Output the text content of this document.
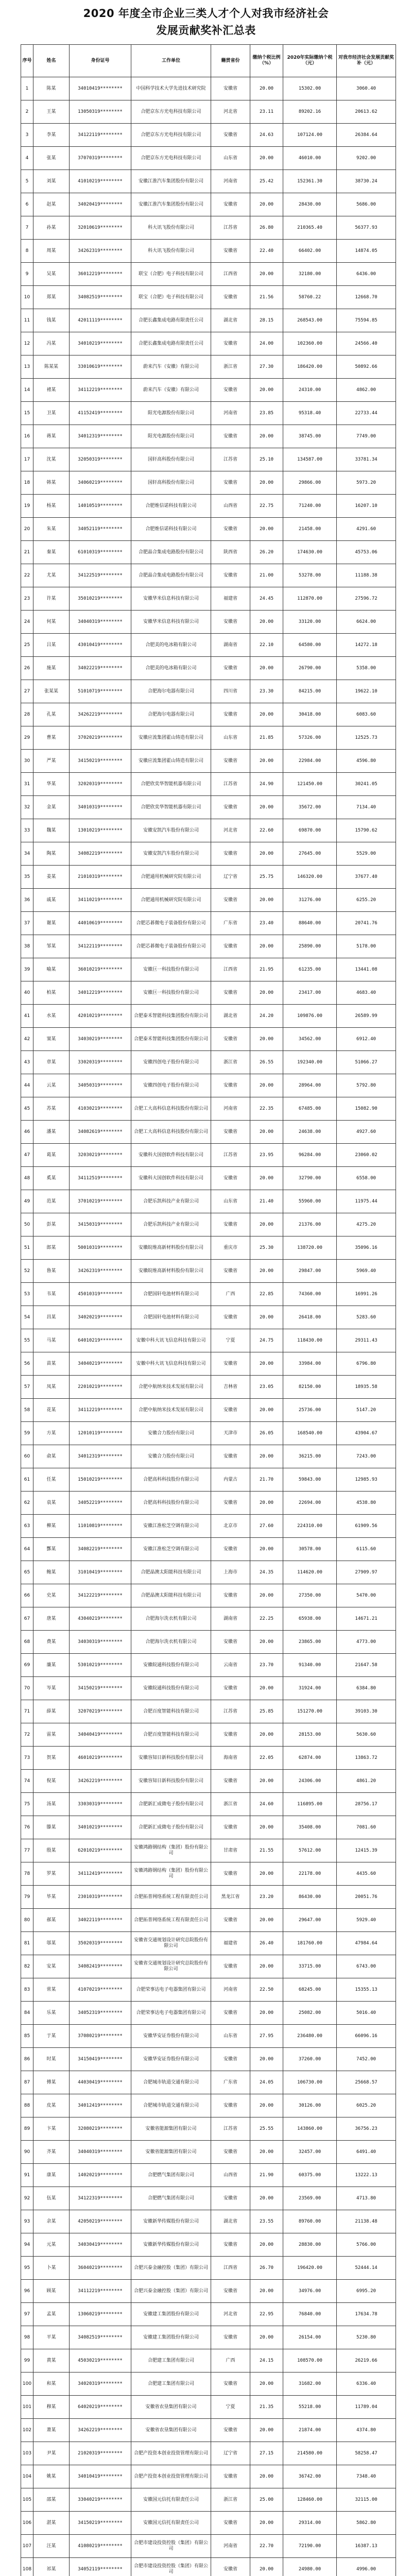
2020 年度全市企业三类人才个人对我市经济社会
发展贡献奖补汇总表
序号	姓名	身份证号	工作单位	籍贯省份	缴纳个税比例（%）	2020年实际缴纳个税（元）	对我市经济社会发展贡献奖补（元）
1	陈某	34010419********	中国科学技术大学先进技术研究院	安徽省	20.00	15302.00	3060.40
2	王某	13050319********	合肥京东方光电科技有限公司	河北省	23.11	89202.16	20613.62
3	李某	34122119********	合肥京东方光电科技有限公司	安徽省	24.63	107124.00	26384.64
4	张某	37070319********	合肥京东方光电科技有限公司	山东省	20.00	46010.00	9202.00
5	刘某	41010219********	安徽江淮汽车集团股份有限公司	河南省	25.42	152361.30	38730.24
6	赵某	34020419********	安徽江淮汽车集团股份有限公司	安徽省	20.00	28430.00	5686.00
7	孙某	32010619********	科大讯飞股份有限公司	江苏省	26.80	210365.40	56377.93
8	周某	34262319********	科大讯飞股份有限公司	安徽省	22.40	66402.00	14874.05
9	吴某	36012219********	联宝（合肥）电子科技有限公司	江西省	20.00	32180.00	6436.00
10	郑某	34082519********	联宝（合肥）电子科技有限公司	安徽省	21.56	58760.22	12668.70
11	钱某	42011119********	合肥长鑫集成电路有限责任公司	湖北省	28.15	268543.00	75594.85
12	冯某	34010219********	合肥长鑫集成电路有限责任公司	安徽省	24.00	102360.00	24566.40
13	陈某某	33010619********	蔚来汽车（安徽）有限公司	浙江省	27.30	186420.00	50892.66
14	褚某	34112219********	蔚来汽车（安徽）有限公司	安徽省	20.00	24310.00	4862.00
15	卫某	41152419********	阳光电源股份有限公司	河南省	23.85	95318.40	22733.44
16	蒋某	34012319********	阳光电源股份有限公司	安徽省	20.00	38745.00	7749.00
17	沈某	32050319********	国轩高科股份有限公司	江苏省	25.10	134587.00	33781.34
18	韩某	34060219********	国轩高科股份有限公司	安徽省	20.00	29866.00	5973.20
19	杨某	14010519********	合肥维信诺科技有限公司	山西省	22.75	71240.00	16207.10
20	朱某	34052119********	合肥维信诺科技有限公司	安徽省	20.00	21458.00	4291.60
21	秦某	61010319********	合肥晶合集成电路股份有限公司	陕西省	26.20	174630.00	45753.06
22	尤某	34122519********	合肥晶合集成电路股份有限公司	安徽省	21.00	53278.00	11188.38
23	许某	35010219********	安徽华米信息科技有限公司	福建省	24.45	112870.00	27596.72
24	何某	34040319********	安徽华米信息科技有限公司	安徽省	20.00	33120.00	6624.00
25	吕某	43010419********	合肥美的电冰箱有限公司	湖南省	22.10	64580.00	14272.18
26	施某	34022219********	合肥美的电冰箱有限公司	安徽省	20.00	26790.00	5358.00
27	张某某	51010719********	合肥海尔电器有限公司	四川省	23.30	84215.00	19622.10
28	孔某	34262219********	合肥海尔电器有限公司	安徽省	20.00	30418.00	6083.60
29	曹某	37020219********	安徽应流集团霍山铸造有限公司	山东省	21.85	57326.00	12525.73
30	严某	34150219********	安徽应流集团霍山铸造有限公司	安徽省	20.00	22984.00	4596.80
31	华某	32020319********	合肥欣奕华智能机器有限公司	江苏省	24.90	121450.00	30241.05
32	金某	34010319********	合肥欣奕华智能机器有限公司	安徽省	20.00	35672.00	7134.40
33	魏某	13010219********	安徽安凯汽车股份有限公司	河北省	22.60	69870.00	15790.62
34	陶某	34082219********	安徽安凯汽车股份有限公司	安徽省	20.00	27645.00	5529.00
35	姜某	21010319********	合肥通用机械研究院有限公司	辽宁省	25.75	146320.00	37677.40
36	戚某	34110219********	合肥通用机械研究院有限公司	安徽省	20.00	31276.00	6255.20
37	谢某	44010619********	合肥芯碁微电子装备股份有限公司	广东省	23.40	88640.00	20741.76
38	邹某	34122119********	合肥芯碁微电子装备股份有限公司	安徽省	20.00	25890.00	5178.00
39	喻某	36010219********	安徽巨一科技股份有限公司	江西省	21.95	61235.00	13441.08
40	柏某	34012219********	安徽巨一科技股份有限公司	安徽省	20.00	23417.00	4683.40
41	水某	42010219********	合肥泰禾智能科技集团股份有限公司	湖北省	24.20	109876.00	26589.99
42	窦某	34030219********	合肥泰禾智能科技集团股份有限公司	安徽省	20.00	34562.00	6912.40
43	章某	33020319********	安徽四创电子股份有限公司	浙江省	26.55	192340.00	51066.27
44	云某	34050319********	安徽四创电子股份有限公司	安徽省	20.00	28964.00	5792.80
45	苏某	41030219********	合肥工大高科信息科技股份有限公司	河南省	22.35	67485.00	15082.90
46	潘某	34082619********	合肥工大高科信息科技股份有限公司	安徽省	20.00	24638.00	4927.60
47	葛某	32030219********	安徽科大国创软件科技有限公司	江苏省	23.95	96284.00	23060.02
48	奚某	34112519********	安徽科大国创软件科技有限公司	安徽省	20.00	32790.00	6558.00
49	范某	37010219********	合肥乐凯科技产业有限公司	山东省	21.40	55960.00	11975.44
50	彭某	34150319********	合肥乐凯科技产业有限公司	安徽省	20.00	21376.00	4275.20
51	郎某	50010319********	安徽皖维高新材料股份有限公司	重庆市	25.30	138720.00	35096.16
52	鲁某	34262319********	安徽皖维高新材料股份有限公司	安徽省	20.00	29847.00	5969.40
53	韦某	45010319********	合肥国轩电池材料有限公司	广西	22.85	74360.00	16991.26
54	昌某	34020219********	合肥国轩电池材料有限公司	安徽省	20.00	26418.00	5283.60
55	马某	64010219********	安徽中科大讯飞信息科技有限公司	宁夏	24.75	118430.00	29311.43
56	苗某	34040219********	安徽中科大讯飞信息科技有限公司	安徽省	20.00	33984.00	6796.80
57	凤某	22010219********	合肥中航纳米技术发展有限公司	吉林省	23.05	82150.00	18935.58
58	花某	34112219********	合肥中航纳米技术发展有限公司	安徽省	20.00	25736.00	5147.20
59	方某	12010119********	安徽合力股份有限公司	天津市	26.05	168540.00	43904.67
60	俞某	34012319********	安徽合力股份有限公司	安徽省	20.00	36215.00	7243.00
61	任某	15010219********	合肥高科科技股份有限公司	内蒙古	21.70	59843.00	12985.93
62	袁某	34052219********	合肥高科科技股份有限公司	安徽省	20.00	22694.00	4538.80
63	柳某	11010819********	安徽江淮松芝空调有限公司	北京市	27.60	224310.00	61909.56
64	酆某	34082219********	安徽江淮松芝空调有限公司	安徽省	20.00	30578.00	6115.60
65	鲍某	31010419********	合肥晶澳太阳能科技有限公司	上海市	24.35	114620.00	27909.97
66	史某	34122219********	合肥晶澳太阳能科技有限公司	安徽省	20.00	27350.00	5470.00
67	唐某	43040219********	合肥海尔洗衣机有限公司	湖南省	22.25	65938.00	14671.21
68	费某	34030319********	合肥海尔洗衣机有限公司	安徽省	20.00	23865.00	4773.00
69	廉某	53010219********	安徽皖通科技股份有限公司	云南省	23.70	91340.00	21647.58
70	岑某	34150219********	安徽皖通科技股份有限公司	安徽省	20.00	31924.00	6384.80
71	薛某	32070219********	合肥百度智能科技有限公司	江苏省	25.85	151270.00	39103.30
72	雷某	34040419********	合肥百度智能科技有限公司	安徽省	20.00	28153.00	5630.60
73	贺某	46010219********	安徽容知日新科技股份有限公司	海南省	22.05	62874.00	13863.72
74	倪某	34262219********	安徽容知日新科技股份有限公司	安徽省	20.00	24306.00	4861.20
75	汤某	33030319********	合肥新汇成微电子股份有限公司	浙江省	24.60	116895.00	28756.17
76	滕某	34010219********	合肥新汇成微电子股份有限公司	安徽省	20.00	35408.00	7081.60
77	殷某	62010219********	安徽鸿路钢结构（集团）股份有限公司	甘肃省	21.55	57612.00	12415.39
78	罗某	34112419********	安徽鸿路钢结构（集团）股份有限公司	安徽省	20.00	22178.00	4435.60
79	毕某	23010319********	合肥拓普网络系统工程有限责任公司	黑龙江省	23.20	86430.00	20051.76
80	郝某	34022119********	合肥拓普网络系统工程有限责任公司	安徽省	20.00	29647.00	5929.40
81	邬某	35020319********	安徽省交通规划设计研究总院股份有限公司	福建省	26.40	181760.00	47984.64
82	安某	34082419********	安徽省交通规划设计研究总院股份有限公司	安徽省	20.00	33715.00	6743.00
83	常某	41070219********	合肥荣事达电子电器集团有限公司	河南省	22.50	68245.00	15355.13
84	乐某	34052319********	合肥荣事达电子电器集团有限公司	安徽省	20.00	25082.00	5016.40
85	于某	37080219********	安徽华安证券股份有限公司	山东省	27.95	236480.00	66096.16
86	时某	34150419********	安徽华安证券股份有限公司	安徽省	20.00	37260.00	7452.00
87	傅某	44030419********	合肥城市轨道交通有限公司	广东省	24.05	106730.00	25668.57
88	皮某	34012419********	合肥城市轨道交通有限公司	安徽省	20.00	30126.00	6025.20
89	卞某	32080219********	安徽省能源集团有限公司	江苏省	25.55	143860.00	36756.23
90	齐某	34040319********	安徽省能源集团有限公司	安徽省	20.00	32457.00	6491.40
91	康某	14020219********	合肥燃气集团有限公司	山西省	21.90	60375.00	13222.13
92	伍某	34122319********	合肥燃气集团有限公司	安徽省	20.00	23569.00	4713.80
93	余某	42050219********	安徽新华传媒股份有限公司	湖北省	23.55	89760.00	21138.48
94	元某	34030419********	安徽新华传媒股份有限公司	安徽省	20.00	28830.00	5766.00
95	卜某	36040219********	合肥兴泰金融控股（集团）有限公司	江西省	26.70	196420.00	52444.14
96	顾某	34112219********	合肥兴泰金融控股（集团）有限公司	安徽省	20.00	34976.00	6995.20
97	孟某	13060219********	安徽建工集团股份有限公司	河北省	22.95	76840.00	17634.78
98	平某	34082519********	安徽建工集团股份有限公司	安徽省	20.00	26154.00	5230.80
99	黄某	45030219********	合肥建工集团有限公司	广西	24.15	108570.00	26219.66
100	和某	34020319********	合肥建工集团有限公司	安徽省	20.00	31682.00	6336.40
101	穆某	64020219********	安徽省农垦集团有限公司	宁夏	21.35	55218.00	11789.04
102	萧某	34262219********	安徽省农垦集团有限公司	安徽省	20.00	21874.00	4374.80
103	尹某	21020319********	合肥产投资本创业投资管理有限公司	辽宁省	27.15	214580.00	58258.47
104	姚某	34010419********	合肥产投资本创业投资管理有限公司	安徽省	20.00	36742.00	7348.40
105	邵某	33040219********	安徽国元信托有限责任公司	浙江省	25.00	128460.00	32115.00
106	湛某	34150219********	安徽国元信托有限责任公司	安徽省	20.00	29314.00	5862.80
107	汪某	41080219********	合肥市建设投资控股（集团）有限公司	河南省	22.70	72190.00	16387.13
108	祁某	34052119********	合肥市建设投资控股（集团）有限公司	安徽省	20.00	24980.00	4996.00
